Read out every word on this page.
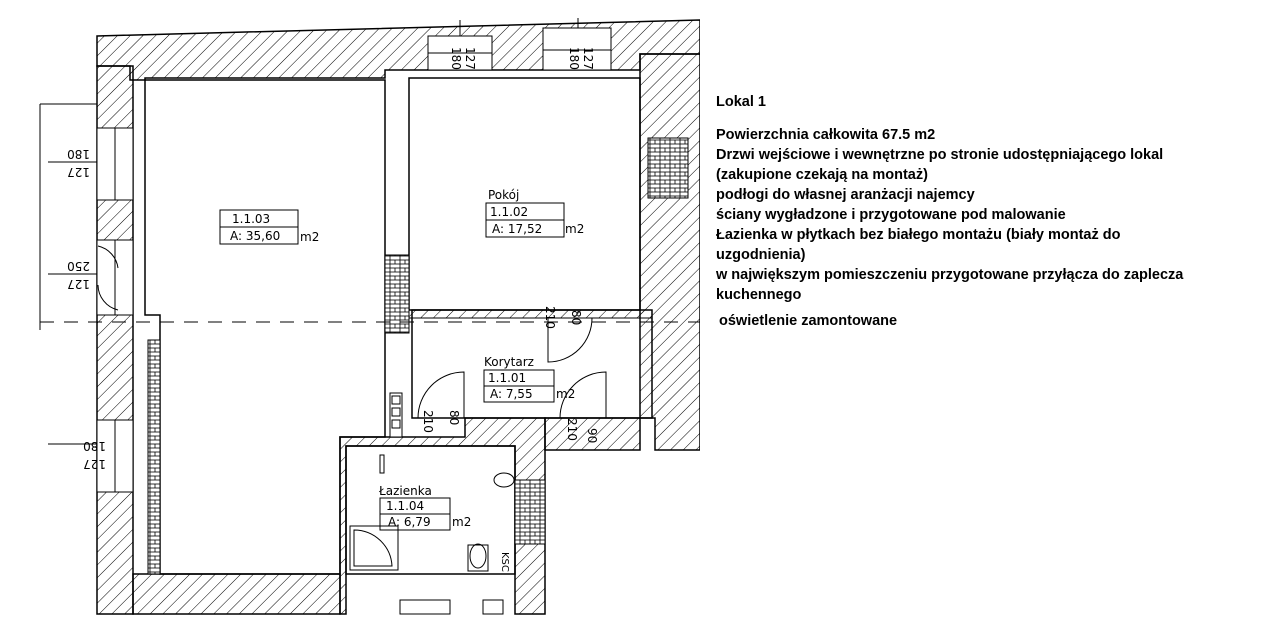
1.1.03
A: 35,60 m2
Pokój
1.1.02
A: 17,52 m2
Korytarz
1.1.01
A: 7,55 m2
Łazienka
1.1.04
A: 6,79 m2
127
180	127
180
180
127
250
127
180
127
80
210
80
210
90
210
KSC
Lokal 1
Powierzchnia całkowita 67.5 m2
Drzwi wejściowe i wewnętrzne po stronie udostępniającego lokal (zakupione czekają na montaż)
podłogi do własnej aranżacji najemcy
ściany wygładzone i przygotowane pod malowanie
Łazienka w płytkach bez białego montażu (biały montaż do uzgodnienia)
w największym pomieszczeniu przygotowane przyłącza do zaplecza kuchennego
oświetlenie zamontowane
